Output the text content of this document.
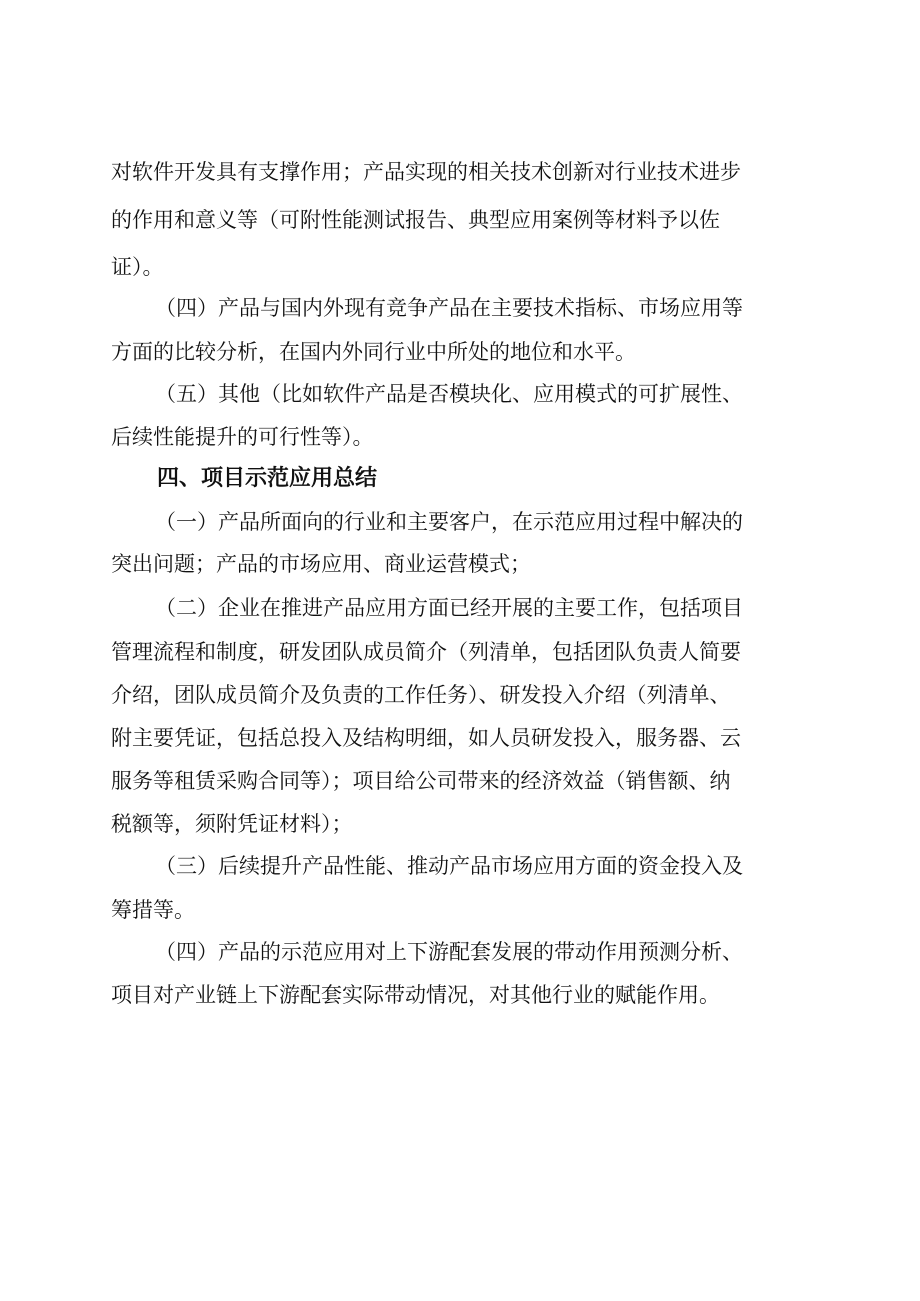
对软件开发具有支撑作用；产品实现的相关技术创新对行业技术进步
的作用和意义等（可附性能测试报告、典型应用案例等材料予以佐
证）。
（四）产品与国内外现有竞争产品在主要技术指标、市场应用等
方面的比较分析，在国内外同行业中所处的地位和水平。
（五）其他（比如软件产品是否模块化、应用模式的可扩展性、
后续性能提升的可行性等）。
四、项目示范应用总结
（一）产品所面向的行业和主要客户，在示范应用过程中解决的
突出问题；产品的市场应用、商业运营模式；
（二）企业在推进产品应用方面已经开展的主要工作，包括项目
管理流程和制度，研发团队成员简介（列清单，包括团队负责人简要
介绍，团队成员简介及负责的工作任务）、研发投入介绍（列清单、
附主要凭证，包括总投入及结构明细，如人员研发投入，服务器、云
服务等租赁采购合同等）；项目给公司带来的经济效益（销售额、纳
税额等，须附凭证材料）；
（三）后续提升产品性能、推动产品市场应用方面的资金投入及
筹措等。
（四）产品的示范应用对上下游配套发展的带动作用预测分析、
项目对产业链上下游配套实际带动情况，对其他行业的赋能作用。
